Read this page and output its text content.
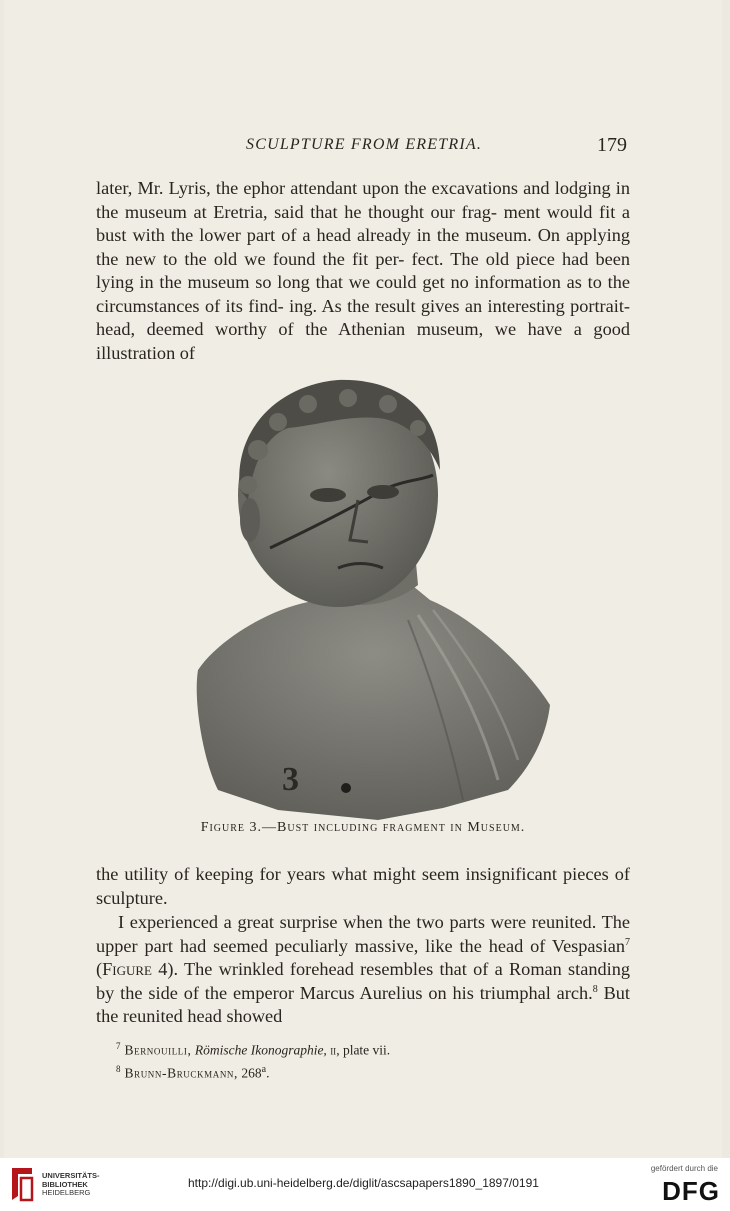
SCULPTURE FROM ERETRIA.	179

later, Mr. Lyris, the ephor attendant upon the excavations and lodging in the museum at Eretria, said that he thought our frag- ment would fit a bust with the lower part of a head already in the museum. On applying the new to the old we found the fit per- fect. The old piece had been lying in the museum so long that we could get no information as to the circumstances of its find- ing. As the result gives an interesting portrait-head, deemed worthy of the Athenian museum, we have a good illustration of

3
Figure 3.—Bust including fragment in Museum.

the utility of keeping for years what might seem insignificant pieces of sculpture.

I experienced a great surprise when the two parts were reunited. The upper part had seemed peculiarly massive, like the head of Vespasian$^7$ (Figure 4). The wrinkled forehead resembles that of a Roman standing by the side of the emperor Marcus Aurelius on his triumphal arch.$^8$ But the reunited head showed

$^7$ Bernouilli, Römische Ikonographie, ii, plate vii.
$^8$ Brunn-Bruckmann, 268$^a$.
UNIVERSITÄTS-
BIBLIOTHEK
HEIDELBERG
http://digi.ub.uni-heidelberg.de/diglit/ascsapapers1890_1897/0191
gefördert durch die
DFG
